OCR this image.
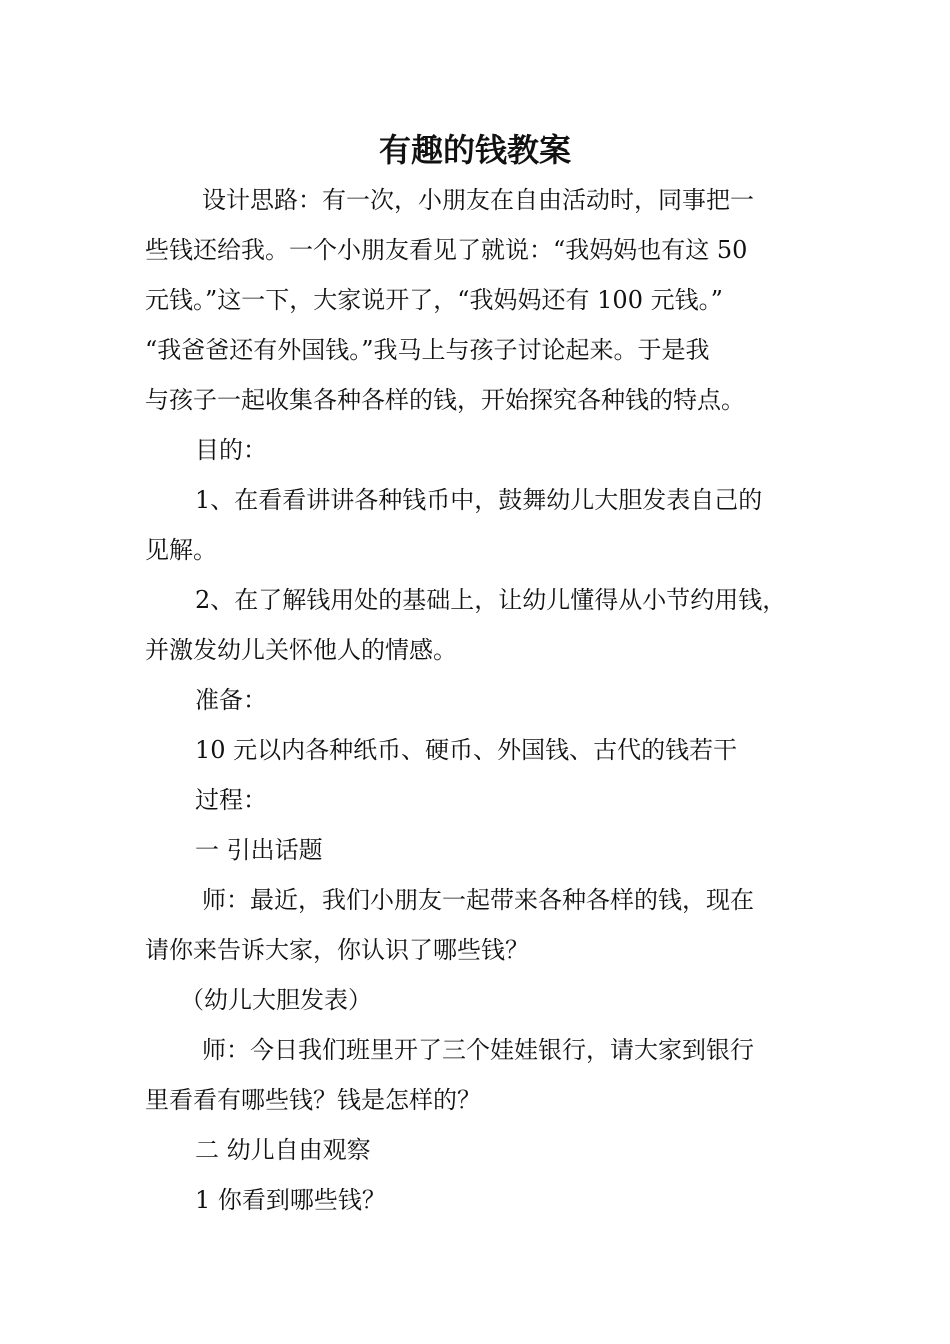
有趣的钱教案
设计思路：有一次，小朋友在自由活动时，同事把一
些钱还给我。一个小朋友看见了就说：“我妈妈也有这 50
元钱。”这一下，大家说开了，“我妈妈还有 100 元钱。”
“我爸爸还有外国钱。”我马上与孩子讨论起来。于是我
与孩子一起收集各种各样的钱，开始探究各种钱的特点。
目的：
1、在看看讲讲各种钱币中，鼓舞幼儿大胆发表自己的
见解。
2、在了解钱用处的基础上，让幼儿懂得从小节约用钱，
并激发幼儿关怀他人的情感。
准备：
10 元以内各种纸币、硬币、外国钱、古代的钱若干
过程：
一 引出话题
师：最近，我们小朋友一起带来各种各样的钱，现在
请你来告诉大家，你认识了哪些钱？
（幼儿大胆发表）
师：今日我们班里开了三个娃娃银行，请大家到银行
里看看有哪些钱？钱是怎样的？
二 幼儿自由观察
1 你看到哪些钱？
